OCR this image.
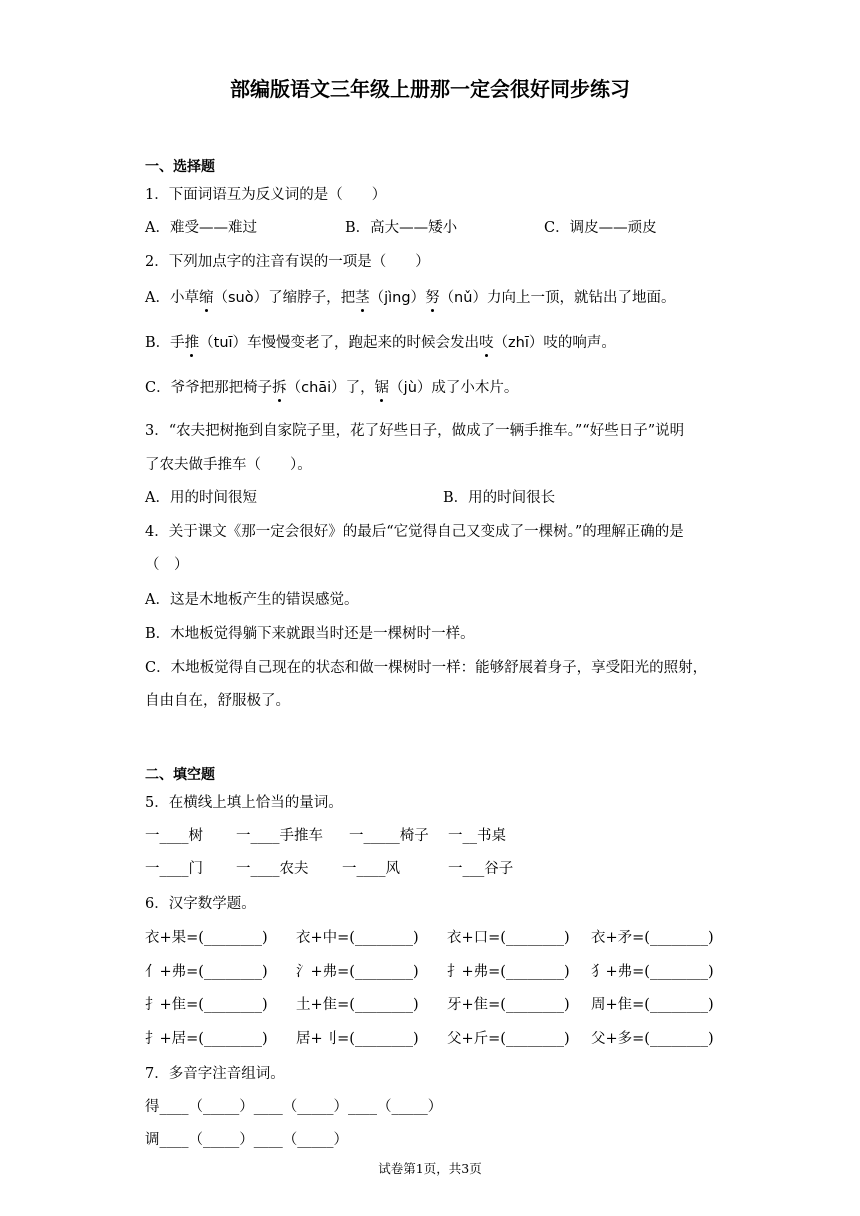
部编版语文三年级上册那一定会很好同步练习
一、选择题
1．下面词语互为反义词的是（　　）
A．难受——难过	B．高大——矮小	C．调皮——顽皮
2．下列加点字的注音有误的一项是（　　）
A．小草缩（suò）了缩脖子，把茎（jìng）努（nǔ）力向上一顶，就钻出了地面。
B．手推（tuī）车慢慢变老了，跑起来的时候会发出吱（zhī）吱的响声。
C．爷爷把那把椅子拆（chāi）了，锯（jù）成了小木片。
3．“农夫把树拖到自家院子里，花了好些日子，做成了一辆手推车。”“好些日子”说明
了农夫做手推车（　　）。
A．用的时间很短	B．用的时间很长
4．关于课文《那一定会很好》的最后“它觉得自己又变成了一棵树。”的理解正确的是
（　）
A．这是木地板产生的错误感觉。
B．木地板觉得躺下来就跟当时还是一棵树时一样。
C．木地板觉得自己现在的状态和做一棵树时一样：能够舒展着身子，享受阳光的照射，
自由自在，舒服极了。
二、填空题
5．在横线上填上恰当的量词。
一____树 一____手推车 一_____椅子 一__书桌
一____门 一____农夫 一____风	一___谷子
6．汉字数学题。
衣+果=(________) 衣+中=(________) 衣+口=(________) 衣+矛=(________)
亻+弗=(________) 氵+弗=(________) 扌+弗=(________) 犭+弗=(________)
扌+隹=(________) 土+隹=(________) 牙+隹=(________) 周+隹=(________)
扌+居=(________) 居+刂=(________) 父+斤=(________) 父+多=(________)
7．多音字注音组词。
得____（_____）____（_____）____（_____）
调____（_____）____（_____）
试卷第1页，共3页
